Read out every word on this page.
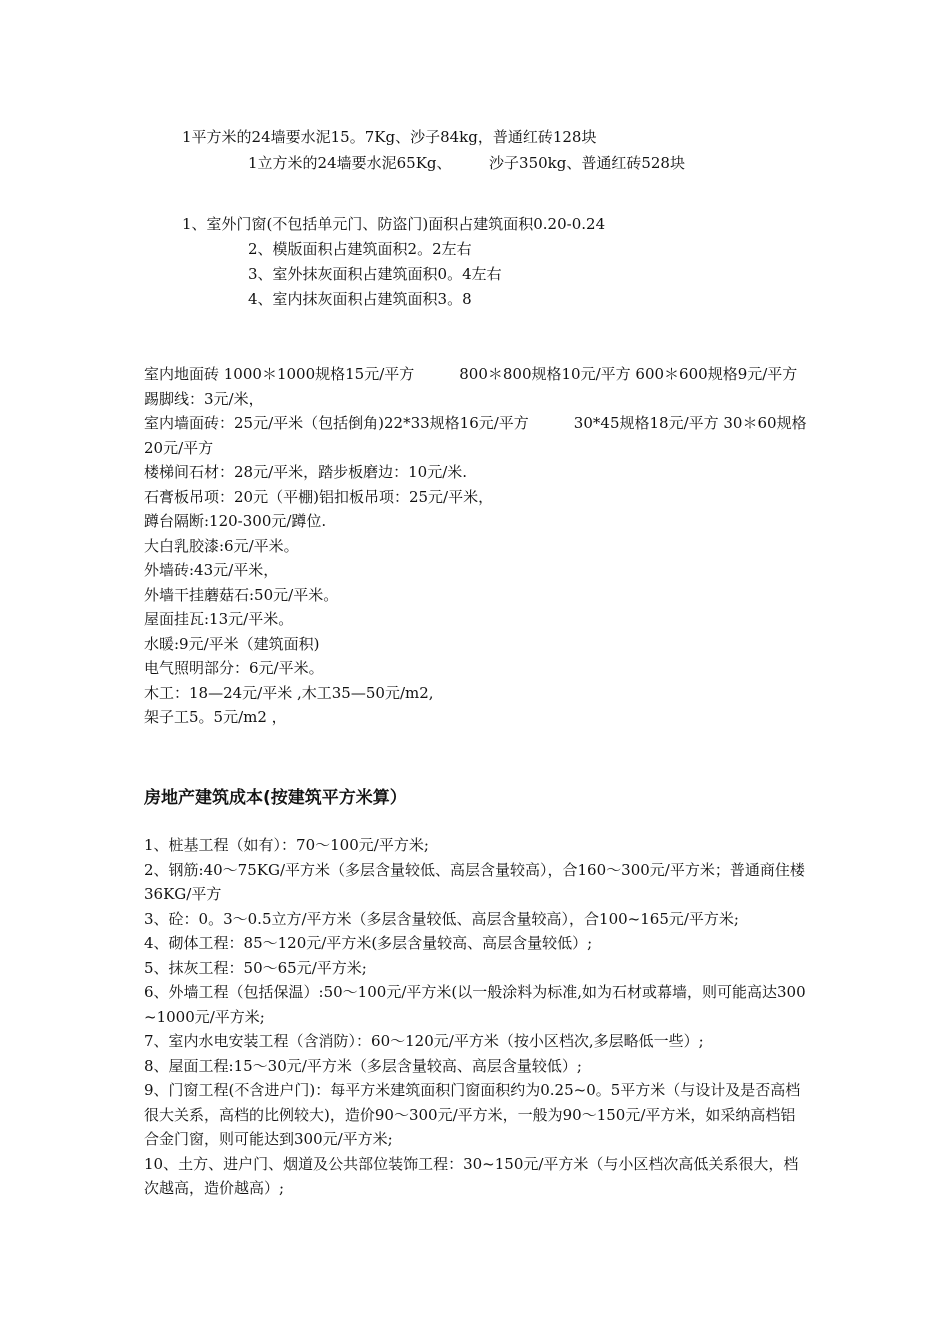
1平方米的24墙要水泥15。7Kg、沙子84kg，普通红砖128块
1立方米的24墙要水泥65Kg、　　　沙子350kg、普通红砖528块
1、室外门窗(不包括单元门、防盗门)面积占建筑面积0.20-0.24
2、模版面积占建筑面积2。2左右
3、室外抹灰面积占建筑面积0。4左右
4、室内抹灰面积占建筑面积3。8
室内地面砖 1000＊1000规格15元/平方　　　800＊800规格10元/平方 600＊600规格9元/平方
踢脚线：3元/米，
室内墙面砖：25元/平米（包括倒角)22*33规格16元/平方　　　30*45规格18元/平方 30＊60规格20元/平方
楼梯间石材：28元/平米，踏步板磨边：10元/米.
石膏板吊项：20元（平棚)铝扣板吊项：25元/平米，
蹲台隔断:120-300元/蹲位.
大白乳胶漆:6元/平米。
外墙砖:43元/平米，
外墙干挂蘑菇石:50元/平米。
屋面挂瓦:13元/平米。
水暖:9元/平米（建筑面积)
电气照明部分：6元/平米。
木工：18—24元/平米 ,木工35—50元/m2,
架子工5。5元/m2 ，
房地产建筑成本(按建筑平方米算）
1、桩基工程（如有）：70～100元/平方米;
2、钢筋:40～75KG/平方米（多层含量较低、高层含量较高），合160～300元/平方米；普通商住楼36KG/平方
3、砼：0。3～0.5立方/平方米（多层含量较低、高层含量较高），合100~165元/平方米;
4、砌体工程：85～120元/平方米(多层含量较高、高层含量较低）;
5、抹灰工程：50～65元/平方米;
6、外墙工程（包括保温）:50～100元/平方米(以一般涂料为标准,如为石材或幕墙，则可能高达300~1000元/平方米;
7、室内水电安装工程（含消防）：60～120元/平方米（按小区档次,多层略低一些）;
8、屋面工程:15～30元/平方米（多层含量较高、高层含量较低）;
9、门窗工程(不含进户门)：每平方米建筑面积门窗面积约为0.25~0。5平方米（与设计及是否高档很大关系，高档的比例较大)，造价90～300元/平方米，一般为90～150元/平方米，如采纳高档铝合金门窗，则可能达到300元/平方米;
10、土方、进户门、烟道及公共部位装饰工程：30~150元/平方米（与小区档次高低关系很大，档次越高，造价越高）;
